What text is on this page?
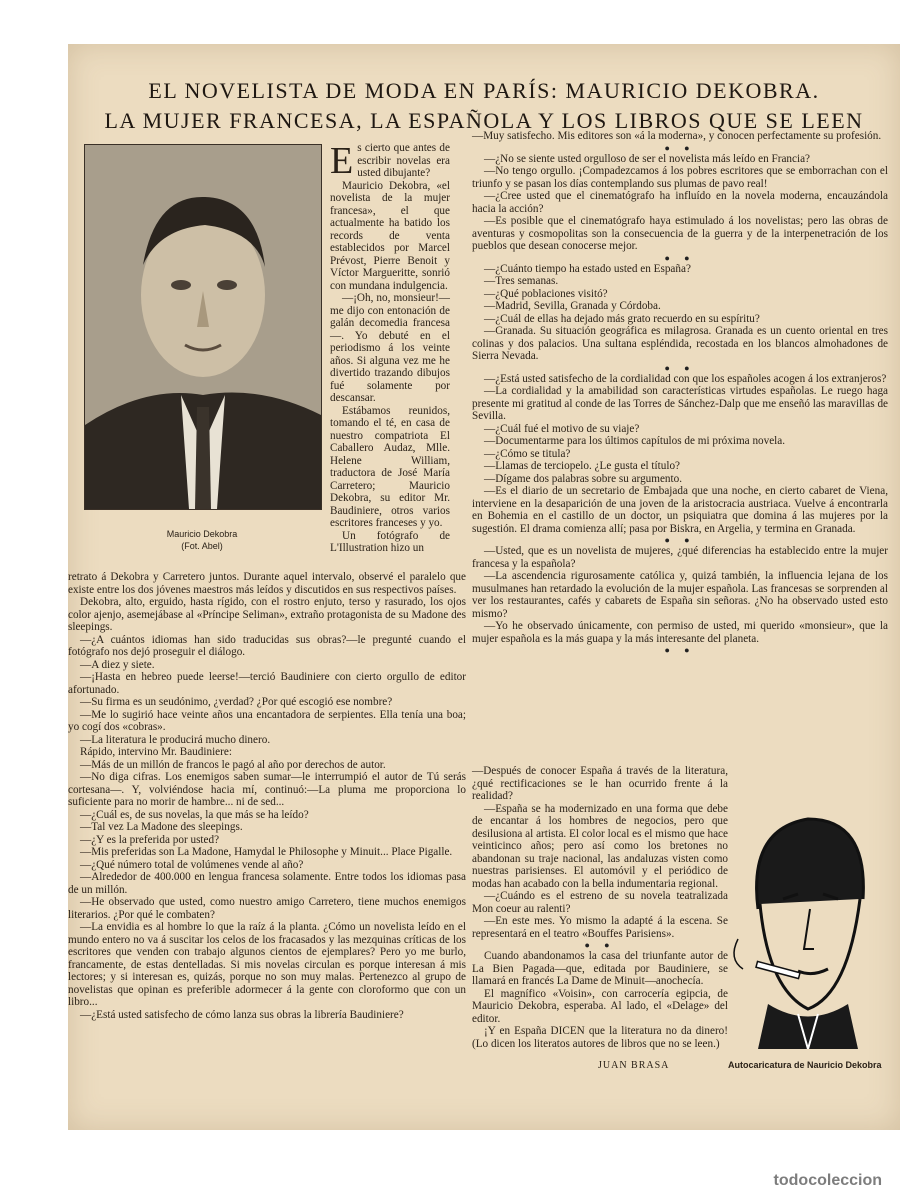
EL NOVELISTA DE MODA EN PARÍS: MAURICIO DEKOBRA.
LA MUJER FRANCESA, LA ESPAÑOLA Y LOS LIBROS QUE SE LEEN
Mauricio Dekobra
(Fot. Abel)
E s cierto que antes de escribir novelas era usted dibujante?

Mauricio Dekobra, «el novelista de la mujer francesa», el que actualmente ha batido los records de venta establecidos por Marcel Prévost, Pierre Benoit y Víctor Margueritte, sonrió con mundana indulgencia.

—¡Oh, no, monsieur!—me dijo con entonación de galán decomedia francesa—. Yo debuté en el periodismo á los veinte años. Si alguna vez me he divertido trazando dibujos fué solamente por descansar.

Estábamos reunidos, tomando el té, en casa de nuestro compatriota El Caballero Audaz, Mlle. Helene William, traductora de José María Carretero; Mauricio Dekobra, su editor Mr. Baudiniere, otros varios escritores franceses y yo.

Un fotógrafo de L'Illustration hizo un

retrato á Dekobra y Carretero juntos. Durante aquel intervalo, observé el paralelo que existe entre los dos jóvenes maestros más leídos y discutidos en sus respectivos países.

Dekobra, alto, erguido, hasta rígido, con el rostro enjuto, terso y rasurado, los ojos color ajenjo, asemejábase al «Príncipe Seliman», extraño protagonista de su Madone des sleepings.

—¿A cuántos idiomas han sido traducidas sus obras?—le pregunté cuando el fotógrafo nos dejó proseguir el diálogo.

—A diez y siete.

—¡Hasta en hebreo puede leerse!—terció Baudiniere con cierto orgullo de editor afortunado.

—Su firma es un seudónimo, ¿verdad? ¿Por qué escogió ese nombre?

—Me lo sugirió hace veinte años una encantadora de serpientes. Ella tenía una boa; yo cogí dos «cobras».

—La literatura le producirá mucho dinero.

Rápido, intervino Mr. Baudiniere:

—Más de un millón de francos le pagó al año por derechos de autor.

—No diga cifras. Los enemigos saben sumar—le interrumpió el autor de Tú serás cortesana—. Y, volviéndose hacia mí, continuó:—La pluma me proporciona lo suficiente para no morir de hambre... ni de sed...

—¿Cuál es, de sus novelas, la que más se ha leído?

—Tal vez La Madone des sleepings.

—¿Y es la preferida por usted?

—Mis preferidas son La Madone, Hamydal le Philosophe y Minuit... Place Pigalle.

—¿Qué número total de volúmenes vende al año?

—Alrededor de 400.000 en lengua francesa solamente. Entre todos los idiomas pasa de un millón.

—He observado que usted, como nuestro amigo Carretero, tiene muchos enemigos literarios. ¿Por qué le combaten?

—La envidia es al hombre lo que la raíz á la planta. ¿Cómo un novelista leído en el mundo entero no va á suscitar los celos de los fracasados y las mezquinas críticas de los escritores que venden con trabajo algunos cientos de ejemplares? Pero yo me burlo, francamente, de estas dentelladas. Si mis novelas circulan es porque interesan á mis lectores; y si interesan es, quizás, porque no son muy malas. Pertenezco al grupo de novelistas que opinan es preferible adormecer á la gente con cloroformo que con un libro...

—¿Está usted satisfecho de cómo lanza sus obras la librería Baudiniere?

—Muy satisfecho. Mis editores son «á la moderna», y conocen perfectamente su profesión.

● ●

—¿No se siente usted orgulloso de ser el novelista más leído en Francia?

—No tengo orgullo. ¡Compadezcamos á los pobres escritores que se emborrachan con el triunfo y se pasan los días contemplando sus plumas de pavo real!

—¿Cree usted que el cinematógrafo ha influído en la novela moderna, encauzándola hacia la acción?

—Es posible que el cinematógrafo haya estimulado á los novelistas; pero las obras de aventuras y cosmopolitas son la consecuencia de la guerra y de la interpenetración de los pueblos que desean conocerse mejor.

● ●

—¿Cuánto tiempo ha estado usted en España?

—Tres semanas.

—¿Qué poblaciones visitó?

—Madrid, Sevilla, Granada y Córdoba.

—¿Cuál de ellas ha dejado más grato recuerdo en su espíritu?

—Granada. Su situación geográfica es milagrosa. Granada es un cuento oriental en tres colinas y dos palacios. Una sultana espléndida, recostada en los blancos almohadones de Sierra Nevada.

● ●

—¿Está usted satisfecho de la cordialidad con que los españoles acogen á los extranjeros?

—La cordialidad y la amabilidad son características virtudes españolas. Le ruego haga presente mi gratitud al conde de las Torres de Sánchez-Dalp que me enseñó las maravillas de Sevilla.

—¿Cuál fué el motivo de su viaje?

—Documentarme para los últimos capítulos de mi próxima novela.

—¿Cómo se titula?

—Llamas de terciopelo. ¿Le gusta el título?

—Dígame dos palabras sobre su argumento.

—Es el diario de un secretario de Embajada que una noche, en cierto cabaret de Viena, interviene en la desaparición de una joven de la aristocracia austriaca. Vuelve á encontrarla en Bohemia en el castillo de un doctor, un psiquiatra que domina á las mujeres por la sugestión. El drama comienza allí; pasa por Biskra, en Argelia, y termina en Granada.

● ●

—Usted, que es un novelista de mujeres, ¿qué diferencias ha establecido entre la mujer francesa y la española?

—La ascendencia rigurosamente católica y, quizá también, la influencia lejana de los musulmanes han retardado la evolución de la mujer española. Las francesas se sorprenden al ver los restaurantes, cafés y cabarets de España sin señoras. ¿No ha observado usted esto mismo?

—Yo he observado únicamente, con permiso de usted, mi querido «monsieur», que la mujer española es la más guapa y la más interesante del planeta.

● ●

—Después de conocer España á través de la literatura, ¿qué rectificaciones se le han ocurrido frente á la realidad?

—España se ha modernizado en una forma que debe de encantar á los hombres de negocios, pero que desilusiona al artista. El color local es el mismo que hace veinticinco años; pero así como los bretones no abandonan su traje nacional, las andaluzas visten como nuestras parisienses. El automóvil y el periódico de modas han acabado con la bella indumentaria regional.

—¿Cuándo es el estreno de su novela teatralizada Mon coeur au ralenti?

—En este mes. Yo mismo la adapté á la escena. Se representará en el teatro «Bouffes Parisiens».

● ●

Cuando abandonamos la casa del triunfante autor de La Bien Pagada—que, editada por Baudiniere, se llamará en francés La Dame de Minuit—anochecía.

El magnífico «Voisin», con carrocería egipcia, de Mauricio Dekobra, esperaba. Al lado, el «Delage» del editor.

¡Y en España DICEN que la literatura no da dinero! (Lo dicen los literatos autores de libros que no se leen.)

JUAN BRASA	Autocaricatura de Nauricio Dekobra
todocoleccion
